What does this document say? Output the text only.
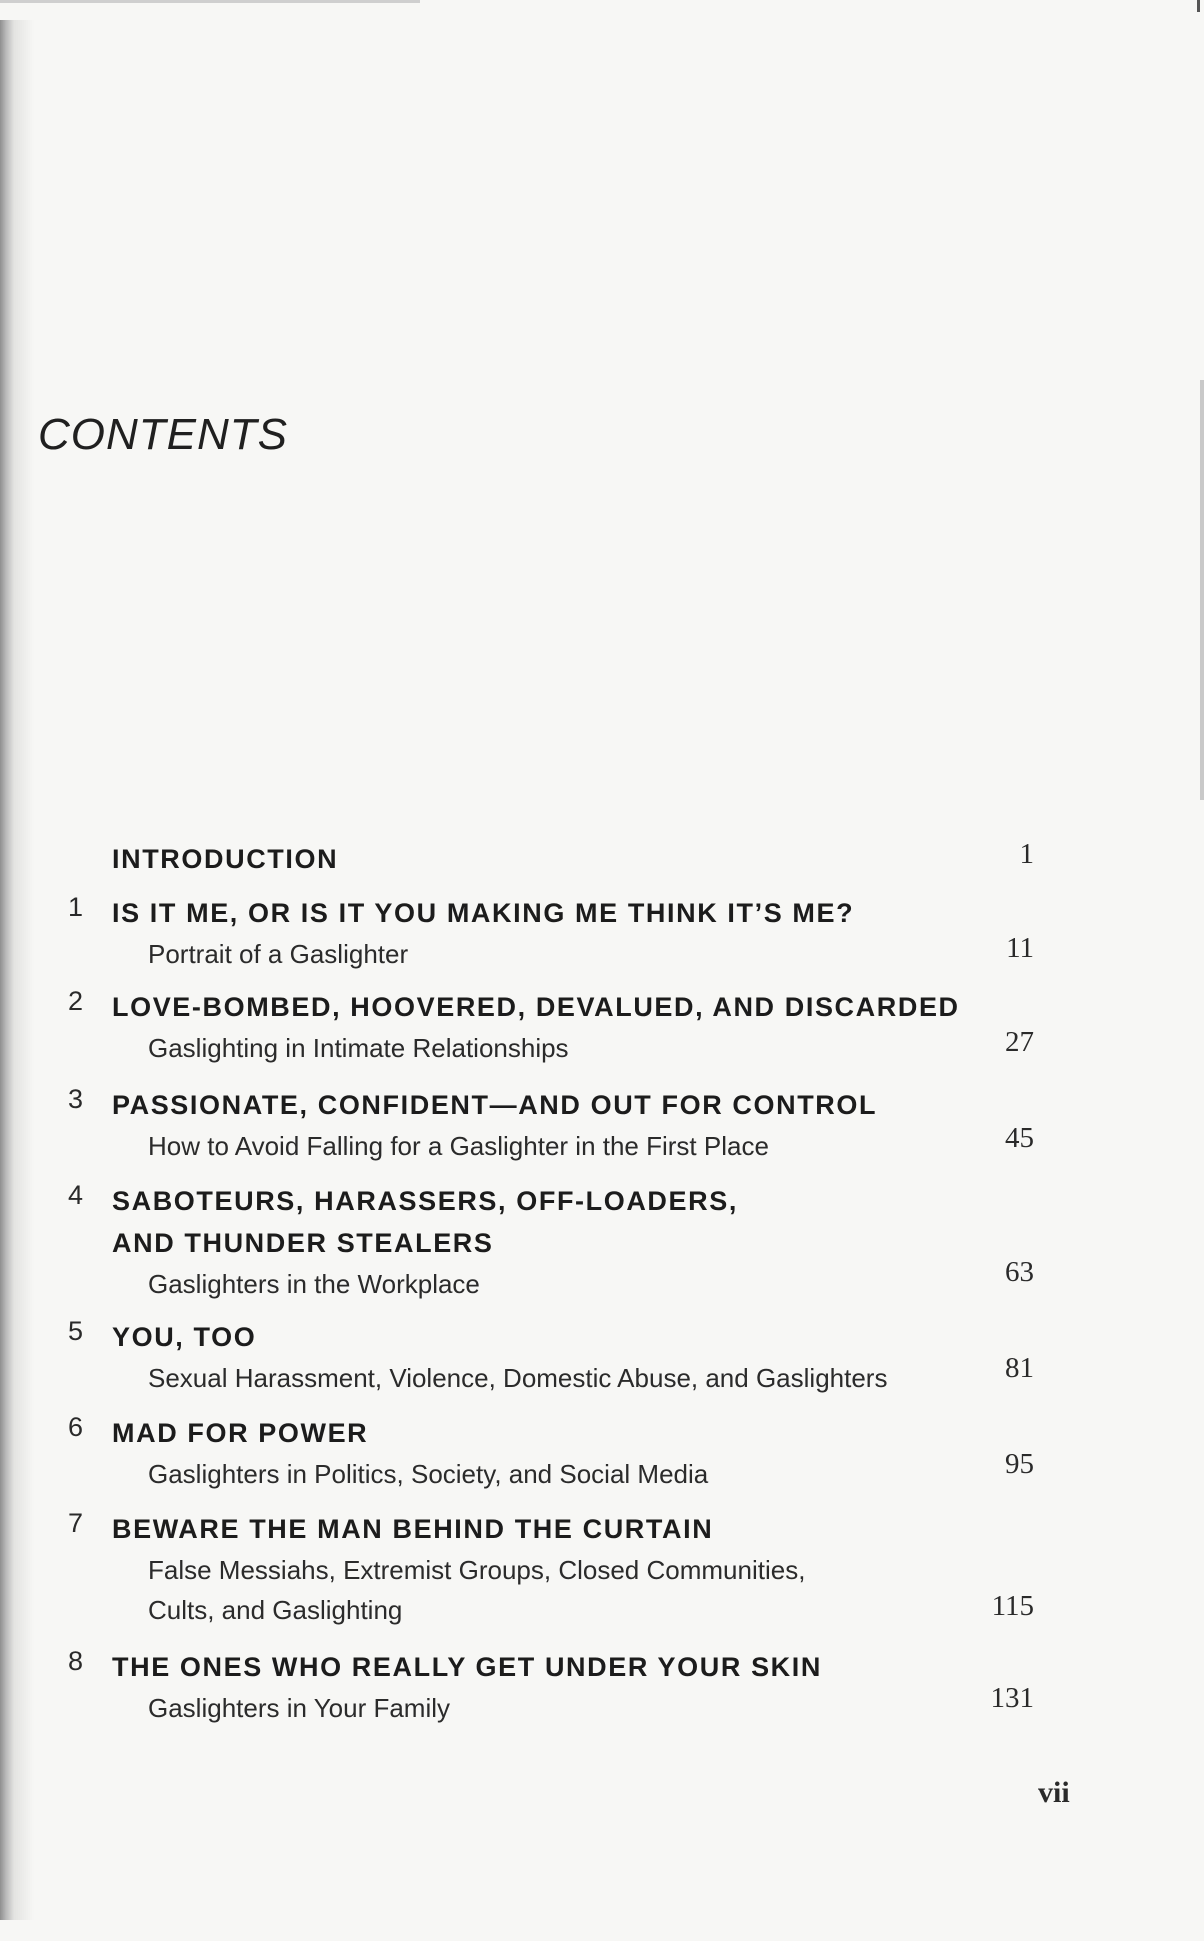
CONTENTS
INTRODUCTION	1
1 IS IT ME, OR IS IT YOU MAKING ME THINK IT’S ME?
Portrait of a Gaslighter	11
2 LOVE-BOMBED, HOOVERED, DEVALUED, AND DISCARDED
Gaslighting in Intimate Relationships	27
3 PASSIONATE, CONFIDENT—AND OUT FOR CONTROL
How to Avoid Falling for a Gaslighter in the First Place	45
4 SABOTEURS, HARASSERS, OFF-LOADERS,
AND THUNDER STEALERS
Gaslighters in the Workplace	63
5 YOU, TOO
Sexual Harassment, Violence, Domestic Abuse, and Gaslighters	81
6 MAD FOR POWER
Gaslighters in Politics, Society, and Social Media	95
7 BEWARE THE MAN BEHIND THE CURTAIN
False Messiahs, Extremist Groups, Closed Communities,
Cults, and Gaslighting	115
8 THE ONES WHO REALLY GET UNDER YOUR SKIN
Gaslighters in Your Family	131
vii
